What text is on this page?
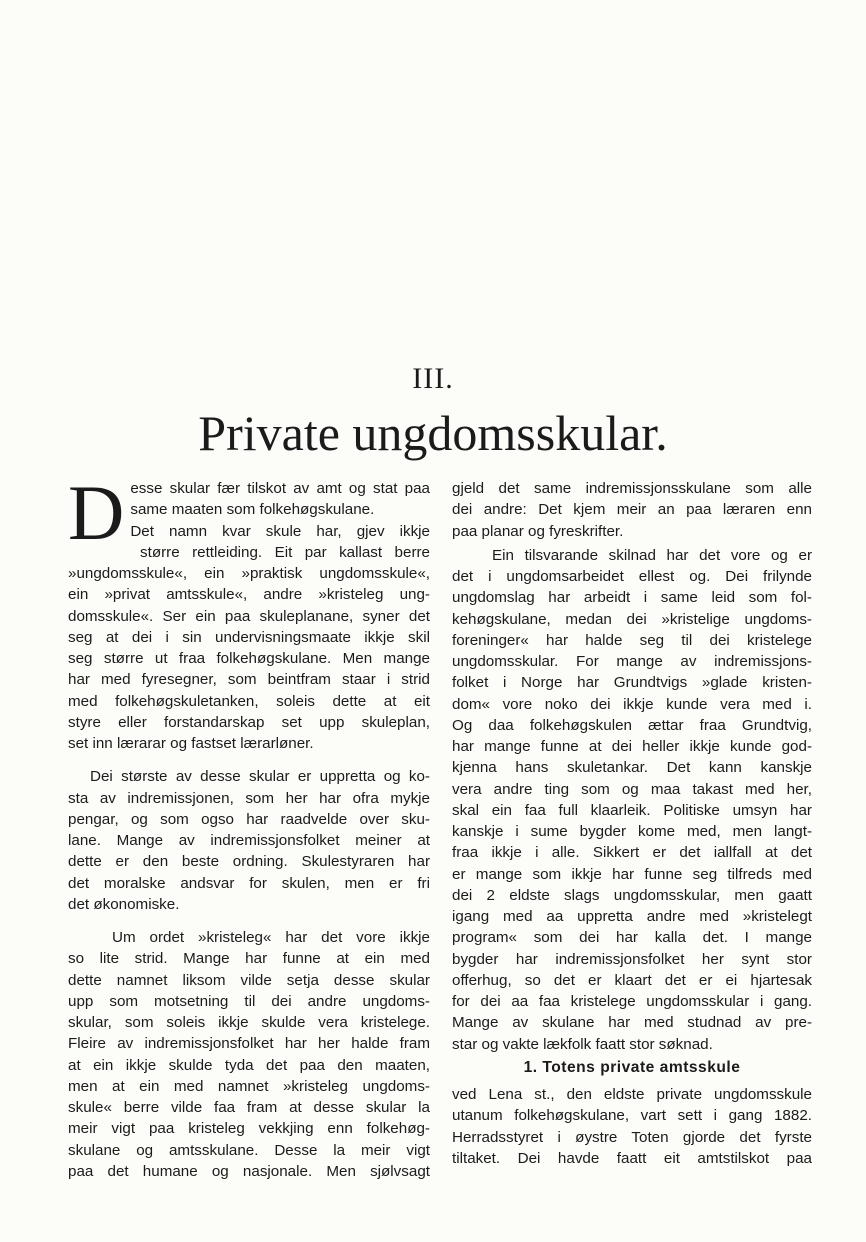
III.
Private ungdomsskular.
D esse skular fær tilskot av amt og stat paa
same maaten som folkehøgskulane.
Det namn kvar skule har, gjev ikkje
større rettleiding. Eit par kallast berre
»ungdomsskule«, ein »praktisk ungdomsskule«,
ein »privat amtsskule«, andre »kristeleg ung-
domsskule«. Ser ein paa skuleplanane, syner det
seg at dei i sin undervisningsmaate ikkje skil
seg større ut fraa folkehøgskulane. Men mange
har med fyresegner, som beintfram staar i strid
med folkehøgskuletanken, soleis dette at eit
styre eller forstandarskap set upp skuleplan,
set inn lærarar og fastset lærarløner.
Dei største av desse skular er uppretta og ko-
sta av indremissjonen, som her har ofra mykje
pengar, og som ogso har raadvelde over sku-
lane. Mange av indremissjonsfolket meiner at
dette er den beste ordning. Skulestyraren har
det moralske andsvar for skulen, men er fri
det økonomiske.
Um ordet »kristeleg« har det vore ikkje
so lite strid. Mange har funne at ein med
dette namnet liksom vilde setja desse skular
upp som motsetning til dei andre ungdoms-
skular, som soleis ikkje skulde vera kristelege.
Fleire av indremissjonsfolket har her halde fram
at ein ikkje skulde tyda det paa den maaten,
men at ein med namnet »kristeleg ungdoms-
skule« berre vilde faa fram at desse skular la
meir vigt paa kristeleg vekkjing enn folkehøg-
skulane og amtsskulane. Desse la meir vigt
paa det humane og nasjonale. Men sjølvsagt
gjeld det same indremissjonsskulane som alle
dei andre: Det kjem meir an paa læraren enn
paa planar og fyreskrifter.
Ein tilsvarande skilnad har det vore og er
det i ungdomsarbeidet ellest og. Dei frilynde
ungdomslag har arbeidt i same leid som fol-
kehøgskulane, medan dei »kristelige ungdoms-
foreninger« har halde seg til dei kristelege
ungdomsskular. For mange av indremissjons-
folket i Norge har Grundtvigs »glade kristen-
dom« vore noko dei ikkje kunde vera med i.
Og daa folkehøgskulen ættar fraa Grundtvig,
har mange funne at dei heller ikkje kunde god-
kjenna hans skuletankar. Det kann kanskje
vera andre ting som og maa takast med her,
skal ein faa full klaarleik. Politiske umsyn har
kanskje i sume bygder kome med, men langt-
fraa ikkje i alle. Sikkert er det iallfall at det
er mange som ikkje har funne seg tilfreds med
dei 2 eldste slags ungdomsskular, men gaatt
igang med aa uppretta andre med »kristelegt
program« som dei har kalla det. I mange
bygder har indremissjonsfolket her synt stor
offerhug, so det er klaart det er ei hjartesak
for dei aa faa kristelege ungdomsskular i gang.
Mange av skulane har med studnad av pre-
star og vakte lækfolk faatt stor søknad.
1. Totens private amtsskule
ved Lena st., den eldste private ungdomsskule
utanum folkehøgskulane, vart sett i gang 1882.
Herradsstyret i øystre Toten gjorde det fyrste
tiltaket. Dei havde faatt eit amtstilskot paa
